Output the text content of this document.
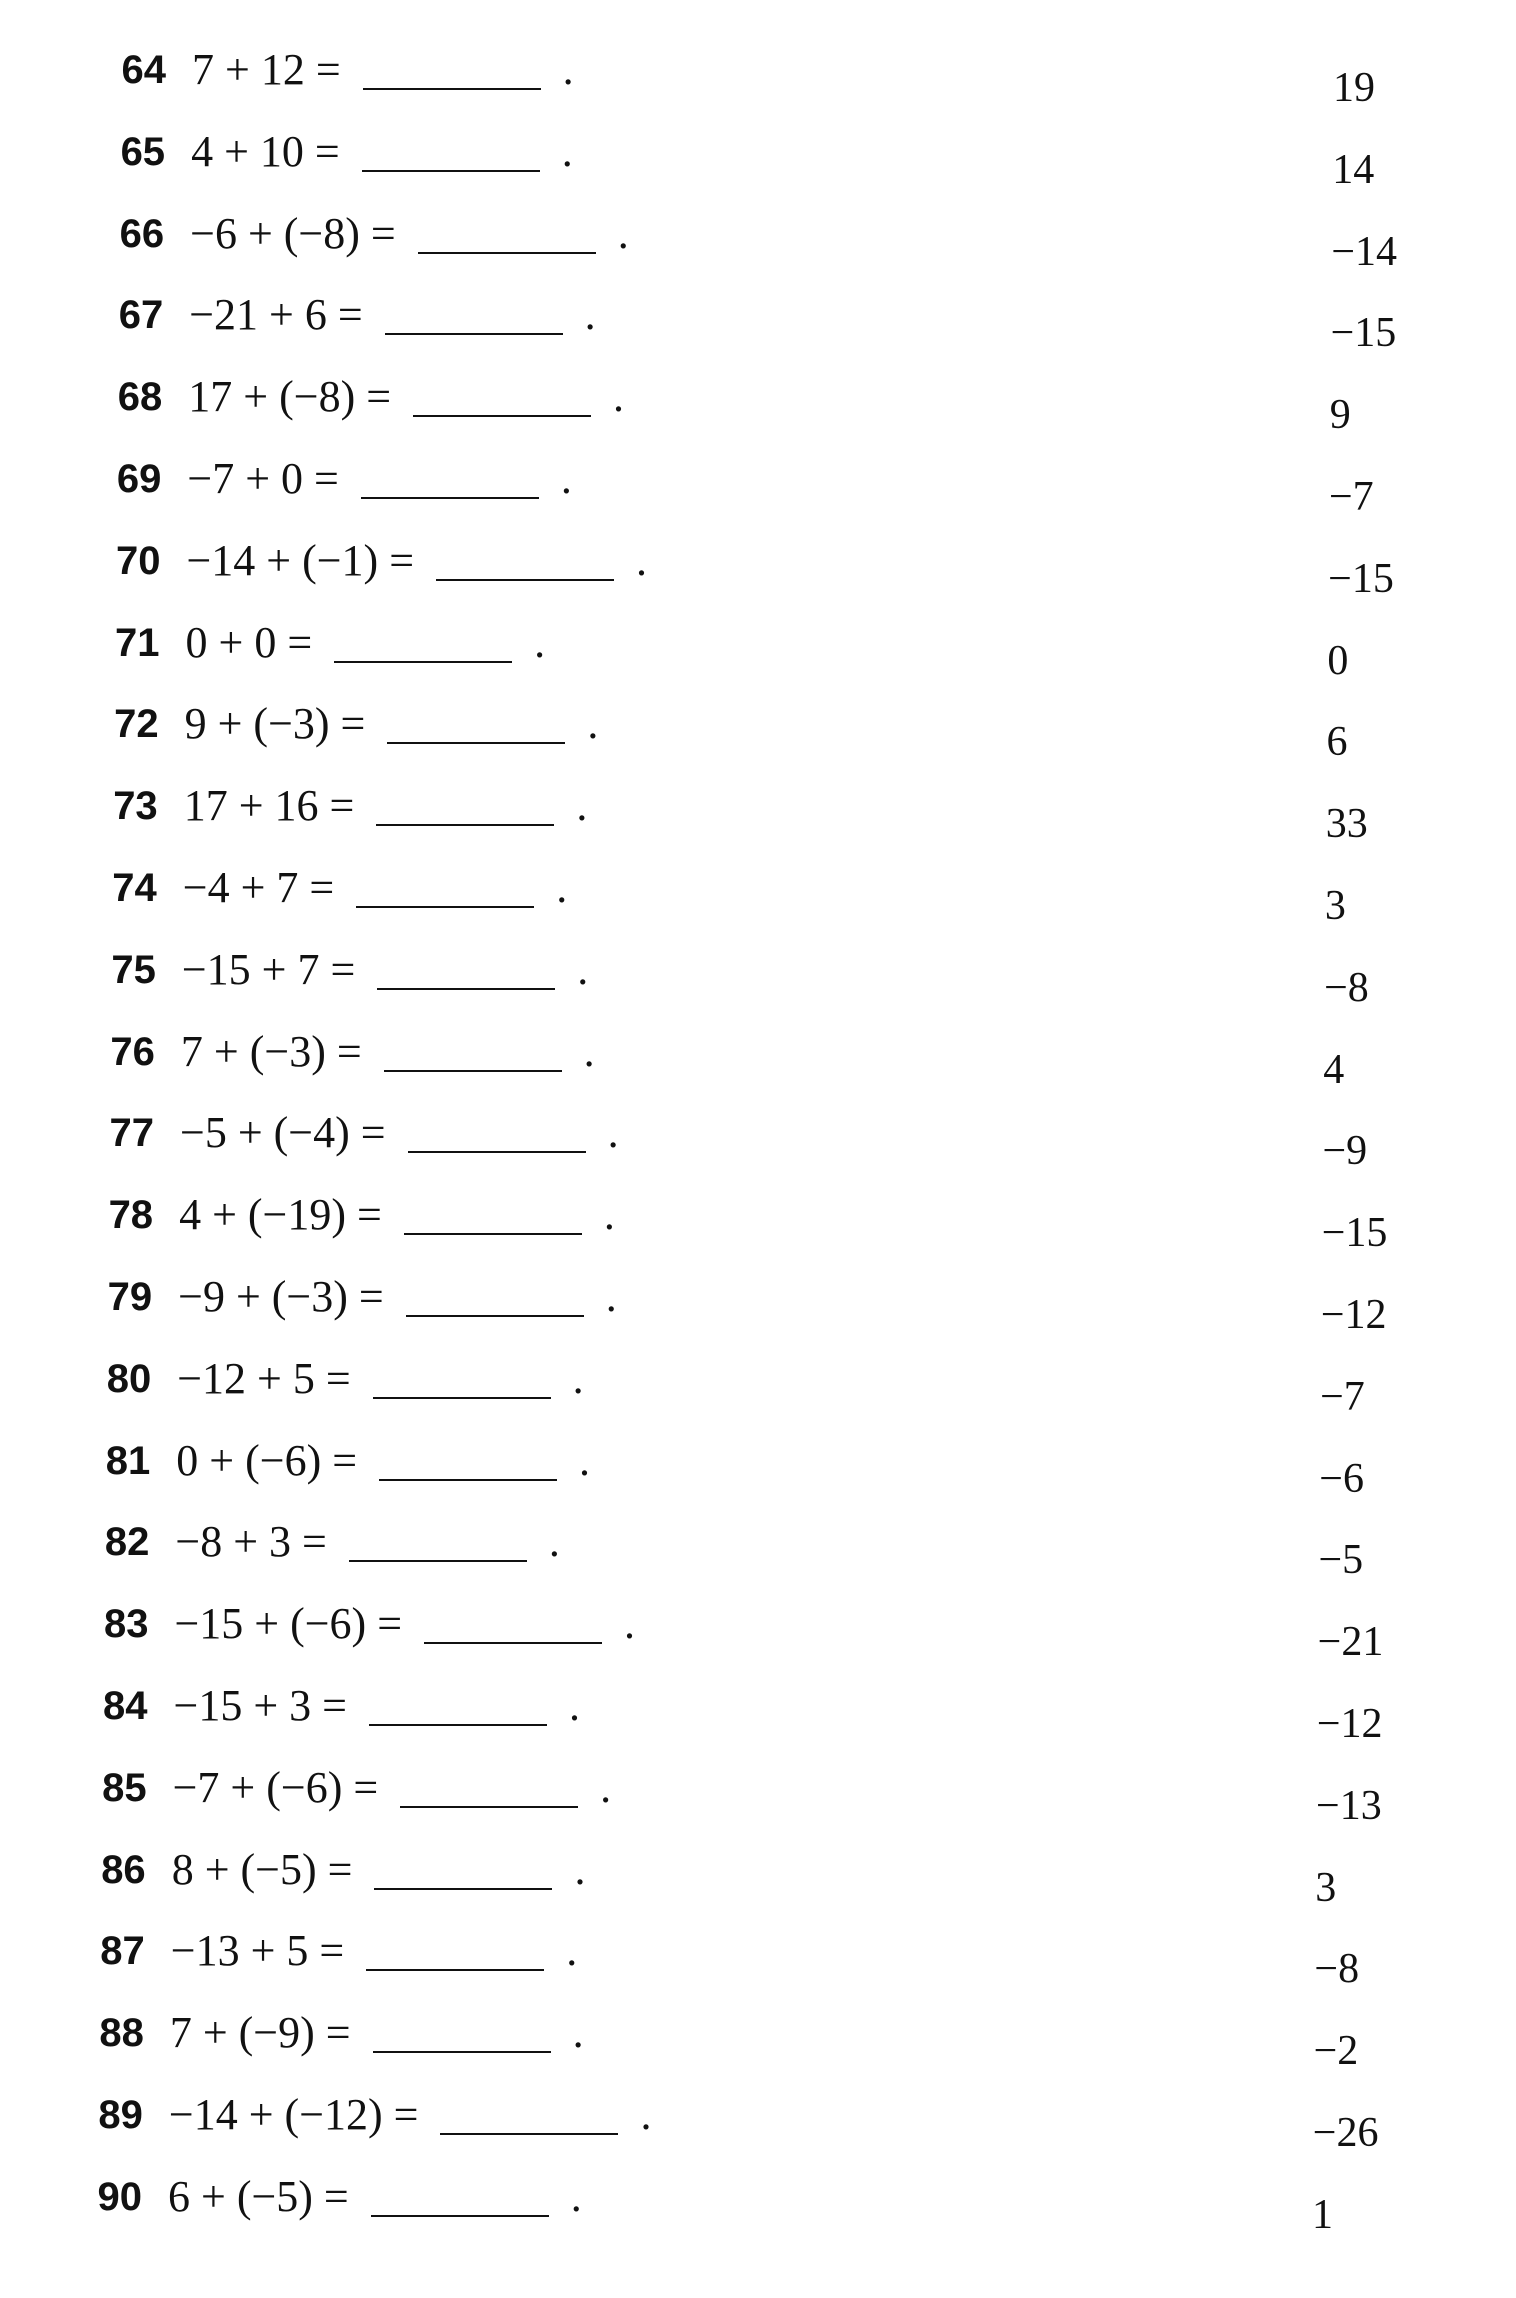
64 7 + 12 =	.	19
65 4 + 10 =	.	14
66 −6 + (−8) =	.	−14
67 −21 + 6 =	.	−15
68 17 + (−8) =	.	9
69 −7 + 0 =	.	−7
70 −14 + (−1) =	.	−15
71 0 + 0 =	.	0
72 9 + (−3) =	.	6
73 17 + 16 =	.	33
74 −4 + 7 =	.	3
75 −15 + 7 =	.	−8
76 7 + (−3) =	.	4
77 −5 + (−4) =	.	−9
78 4 + (−19) =	.	−15
79 −9 + (−3) =	.	−12
80 −12 + 5 =	.	−7
81 0 + (−6) =	.	−6
82 −8 + 3 =	.	−5
83 −15 + (−6) =	.	−21
84 −15 + 3 =	.	−12
85 −7 + (−6) =	.	−13
86 8 + (−5) =	.	3
87 −13 + 5 =	.	−8
88 7 + (−9) =	.	−2
89 −14 + (−12) =	.	−26
90 6 + (−5) =	.	1
